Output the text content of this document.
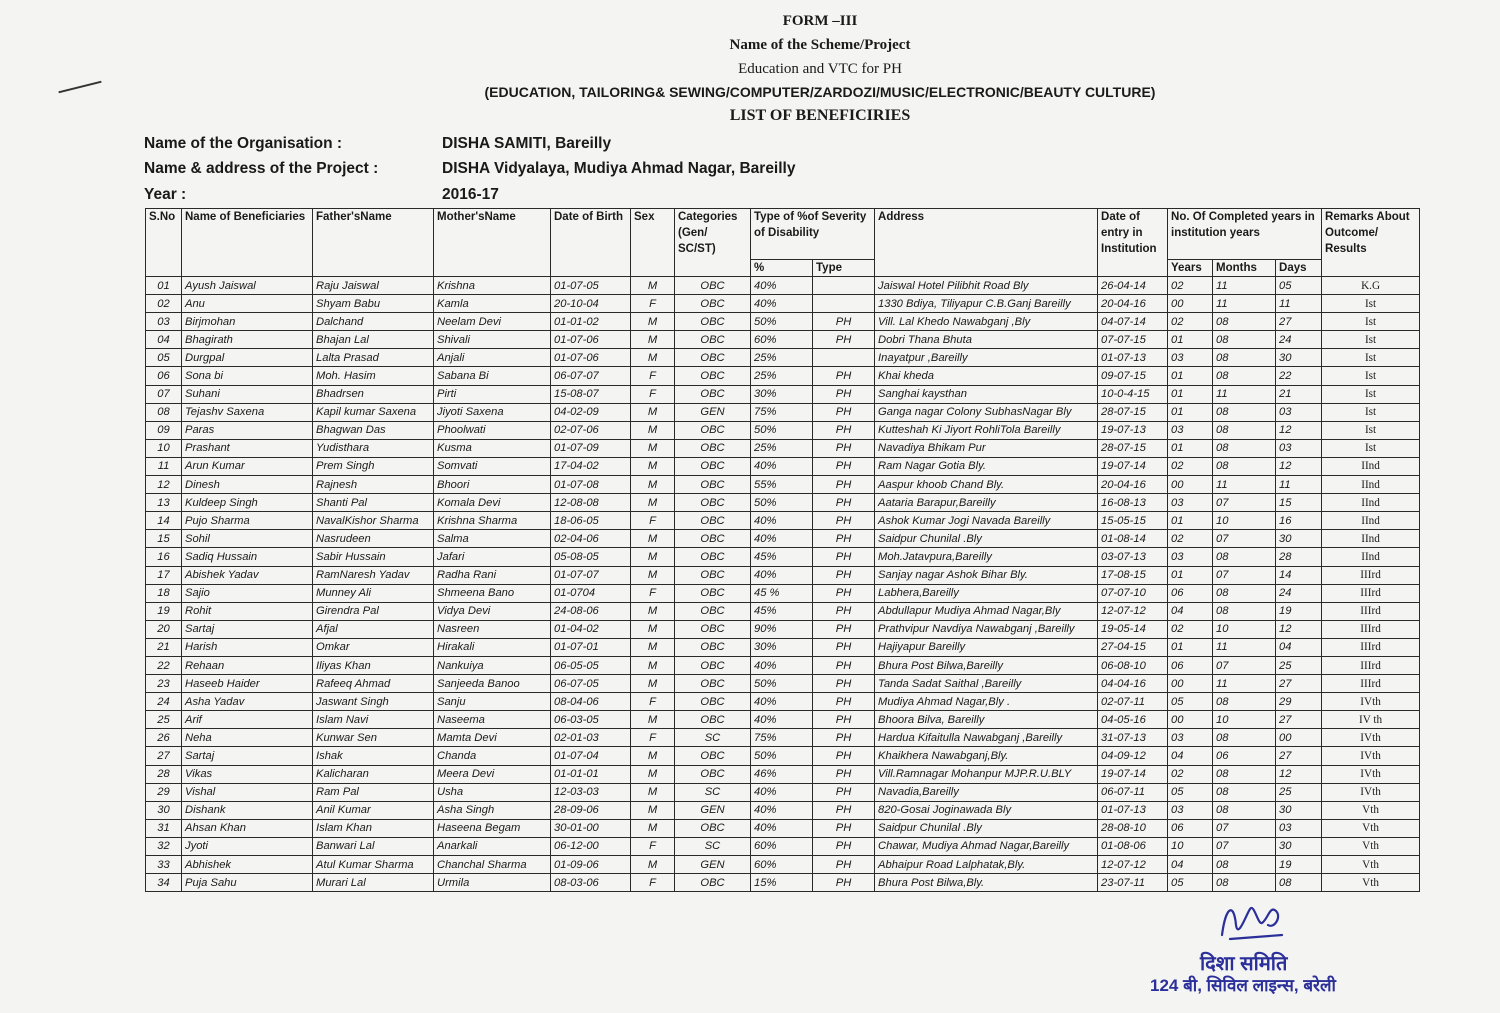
FORM –III
Name of the Scheme/Project
Education and VTC for PH
(EDUCATION, TAILORING& SEWING/COMPUTER/ZARDOZI/MUSIC/ELECTRONIC/BEAUTY CULTURE)
LIST OF BENEFICIRIES
Name of the Organisation :	DISHA SAMITI, Bareilly
Name & address of the Project :	DISHA Vidyalaya, Mudiya Ahmad Nagar, Bareilly
Year :	2016-17
S.No	Name of Beneficiaries	Father'sName	Mother'sName	Date of Birth	Sex	Categories (Gen/ SC/ST)	Type of %of Severity of Disability		Address	Date of entry in Institution	No. Of Completed years in institution years			Remarks About Outcome/ Results
							%	Type			Years	Months	Days	
01	Ayush Jaiswal	Raju Jaiswal	Krishna	01-07-05	M	OBC	40%		Jaiswal Hotel Pilibhit Road Bly	26-04-14	02	11	05	K.G
02	Anu	Shyam Babu	Kamla	20-10-04	F	OBC	40%		1330 Bdiya, Tiliyapur C.B.Ganj Bareilly	20-04-16	00	11	11	Ist
03	Birjmohan	Dalchand	Neelam Devi	01-01-02	M	OBC	50%	PH	Vill. Lal Khedo Nawabganj ,Bly	04-07-14	02	08	27	Ist
04	Bhagirath	Bhajan Lal	Shivali	01-07-06	M	OBC	60%	PH	Dobri Thana Bhuta	07-07-15	01	08	24	Ist
05	Durgpal	Lalta Prasad	Anjali	01-07-06	M	OBC	25%		Inayatpur ,Bareilly	01-07-13	03	08	30	Ist
06	Sona bi	Moh. Hasim	Sabana Bi	06-07-07	F	OBC	25%	PH	Khai kheda	09-07-15	01	08	22	Ist
07	Suhani	Bhadrsen	Pirti	15-08-07	F	OBC	30%	PH	Sanghai kaysthan	10-0-4-15	01	11	21	Ist
08	Tejashv Saxena	Kapil kumar Saxena	Jiyoti Saxena	04-02-09	M	GEN	75%	PH	Ganga nagar Colony SubhasNagar Bly	28-07-15	01	08	03	Ist
09	Paras	Bhagwan Das	Phoolwati	02-07-06	M	OBC	50%	PH	Kutteshah Ki Jiyort RohliTola Bareilly	19-07-13	03	08	12	Ist
10	Prashant	Yudisthara	Kusma	01-07-09	M	OBC	25%	PH	Navadiya Bhikam Pur	28-07-15	01	08	03	Ist
11	Arun Kumar	Prem Singh	Somvati	17-04-02	M	OBC	40%	PH	Ram Nagar Gotia Bly.	19-07-14	02	08	12	IInd
12	Dinesh	Rajnesh	Bhoori	01-07-08	M	OBC	55%	PH	Aaspur khoob Chand Bly.	20-04-16	00	11	11	IInd
13	Kuldeep Singh	Shanti Pal	Komala Devi	12-08-08	M	OBC	50%	PH	Aataria Barapur,Bareilly	16-08-13	03	07	15	IInd
14	Pujo Sharma	NavalKishor Sharma	Krishna Sharma	18-06-05	F	OBC	40%	PH	Ashok Kumar Jogi Navada Bareilly	15-05-15	01	10	16	IInd
15	Sohil	Nasrudeen	Salma	02-04-06	M	OBC	40%	PH	Saidpur Chunilal .Bly	01-08-14	02	07	30	IInd
16	Sadiq Hussain	Sabir Hussain	Jafari	05-08-05	M	OBC	45%	PH	Moh.Jatavpura,Bareilly	03-07-13	03	08	28	IInd
17	Abishek Yadav	RamNaresh Yadav	Radha Rani	01-07-07	M	OBC	40%	PH	Sanjay nagar Ashok Bihar Bly.	17-08-15	01	07	14	IIIrd
18	Sajio	Munney Ali	Shmeena Bano	01-0704	F	OBC	45 %	PH	Labhera,Bareilly	07-07-10	06	08	24	IIIrd
19	Rohit	Girendra Pal	Vidya Devi	24-08-06	M	OBC	45%	PH	Abdullapur Mudiya Ahmad Nagar,Bly	12-07-12	04	08	19	IIIrd
20	Sartaj	Afjal	Nasreen	01-04-02	M	OBC	90%	PH	Prathvipur Navdiya Nawabganj ,Bareilly	19-05-14	02	10	12	IIIrd
21	Harish	Omkar	Hirakali	01-07-01	M	OBC	30%	PH	Hajiyapur Bareilly	27-04-15	01	11	04	IIIrd
22	Rehaan	Iliyas Khan	Nankuiya	06-05-05	M	OBC	40%	PH	Bhura Post Bilwa,Bareilly	06-08-10	06	07	25	IIIrd
23	Haseeb Haider	Rafeeq Ahmad	Sanjeeda Banoo	06-07-05	M	OBC	50%	PH	Tanda Sadat Saithal ,Bareilly	04-04-16	00	11	27	IIIrd
24	Asha Yadav	Jaswant Singh	Sanju	08-04-06	F	OBC	40%	PH	Mudiya Ahmad Nagar,Bly .	02-07-11	05	08	29	IVth
25	Arif	Islam Navi	Naseema	06-03-05	M	OBC	40%	PH	Bhoora Bilva, Bareilly	04-05-16	00	10	27	IV th
26	Neha	Kunwar Sen	Mamta Devi	02-01-03	F	SC	75%	PH	Hardua Kifaitulla Nawabganj ,Bareilly	31-07-13	03	08	00	IVth
27	Sartaj	Ishak	Chanda	01-07-04	M	OBC	50%	PH	Khaikhera Nawabganj,Bly.	04-09-12	04	06	27	IVth
28	Vikas	Kalicharan	Meera Devi	01-01-01	M	OBC	46%	PH	Vill.Ramnagar Mohanpur MJP.R.U.BLY	19-07-14	02	08	12	IVth
29	Vishal	Ram Pal	Usha	12-03-03	M	SC	40%	PH	Navadia,Bareilly	06-07-11	05	08	25	IVth
30	Dishank	Anil Kumar	Asha Singh	28-09-06	M	GEN	40%	PH	820-Gosai Joginawada Bly	01-07-13	03	08	30	Vth
31	Ahsan Khan	Islam Khan	Haseena Begam	30-01-00	M	OBC	40%	PH	Saidpur Chunilal .Bly	28-08-10	06	07	03	Vth
32	Jyoti	Banwari Lal	Anarkali	06-12-00	F	SC	60%	PH	Chawar, Mudiya Ahmad Nagar,Bareilly	01-08-06	10	07	30	Vth
33	Abhishek	Atul Kumar Sharma	Chanchal Sharma	01-09-06	M	GEN	60%	PH	Abhaipur Road Lalphatak,Bly.	12-07-12	04	08	19	Vth
34	Puja Sahu	Murari Lal	Urmila	08-03-06	F	OBC	15%	PH	Bhura Post Bilwa,Bly.	23-07-11	05	08	08	Vth
दिशा समिति
124 बी, सिविल लाइन्स, बरेली
